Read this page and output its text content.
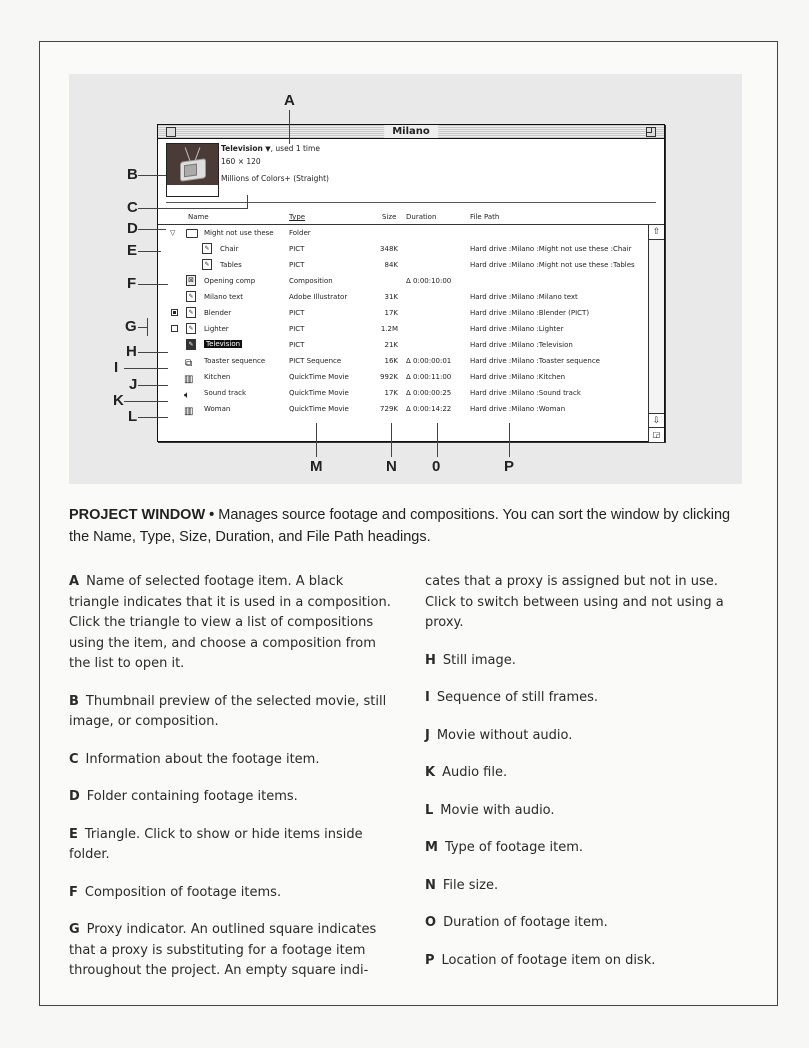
Milano
Television ▼, used 1 time
160 × 120
Millions of Colors+ (Straight)
Name	Type	Size Duration	File Path
▽	Might not use these Folder
✎	Chair	PICT	348K	Hard drive :Milano :Might not use these :Chair
✎	Tables	PICT	84K	Hard drive :Milano :Might not use these :Tables
⊠ Opening comp	Composition	Δ 0:00:10:00
✎	Milano text	Adobe Illustrator	31K	Hard drive :Milano :Milano text
✎	Blender	PICT	17K	Hard drive :Milano :Blender (PICT)
✎	Lighter	PICT	1.2M	Hard drive :Milano :Lighter
✎	Television	PICT	21K	Hard drive :Milano :Television
⧉ Toaster sequence	PICT Sequence	16K Δ 0:00:00:01	Hard drive :Milano :Toaster sequence
▥ Kitchen	QuickTime Movie	992K Δ 0:00:11:00	Hard drive :Milano :Kitchen
🔈︎ Sound track	QuickTime Movie	17K Δ 0:00:00:25	Hard drive :Milano :Sound track
▥ Woman	QuickTime Movie	729K Δ 0:00:14:22	Hard drive :Milano :Woman
⇧
⇩
◲
A
B
C
D
E
F
G
H
I
J
K
L
M	N 0	P
PROJECT WINDOW • Manages source footage and compositions. You can sort the window by clicking the Name, Type, Size, Duration, and File Path headings.
A Name of selected footage item. A black triangle indicates that it is used in a composition. Click the triangle to view a list of compositions using the item, and choose a composition from the list to open it.
B Thumbnail preview of the selected movie, still image, or composition.
C Information about the footage item.
D Folder containing footage items.
E Triangle. Click to show or hide items inside folder.
F Composition of footage items.
G Proxy indicator. An outlined square indicates that a proxy is substituting for a footage item throughout the project. An empty square indi-
cates that a proxy is assigned but not in use. Click to switch between using and not using a proxy.
H Still image.
I Sequence of still frames.
J Movie without audio.
K Audio file.
L Movie with audio.
M Type of footage item.
N File size.
O Duration of footage item.
P Location of footage item on disk.
